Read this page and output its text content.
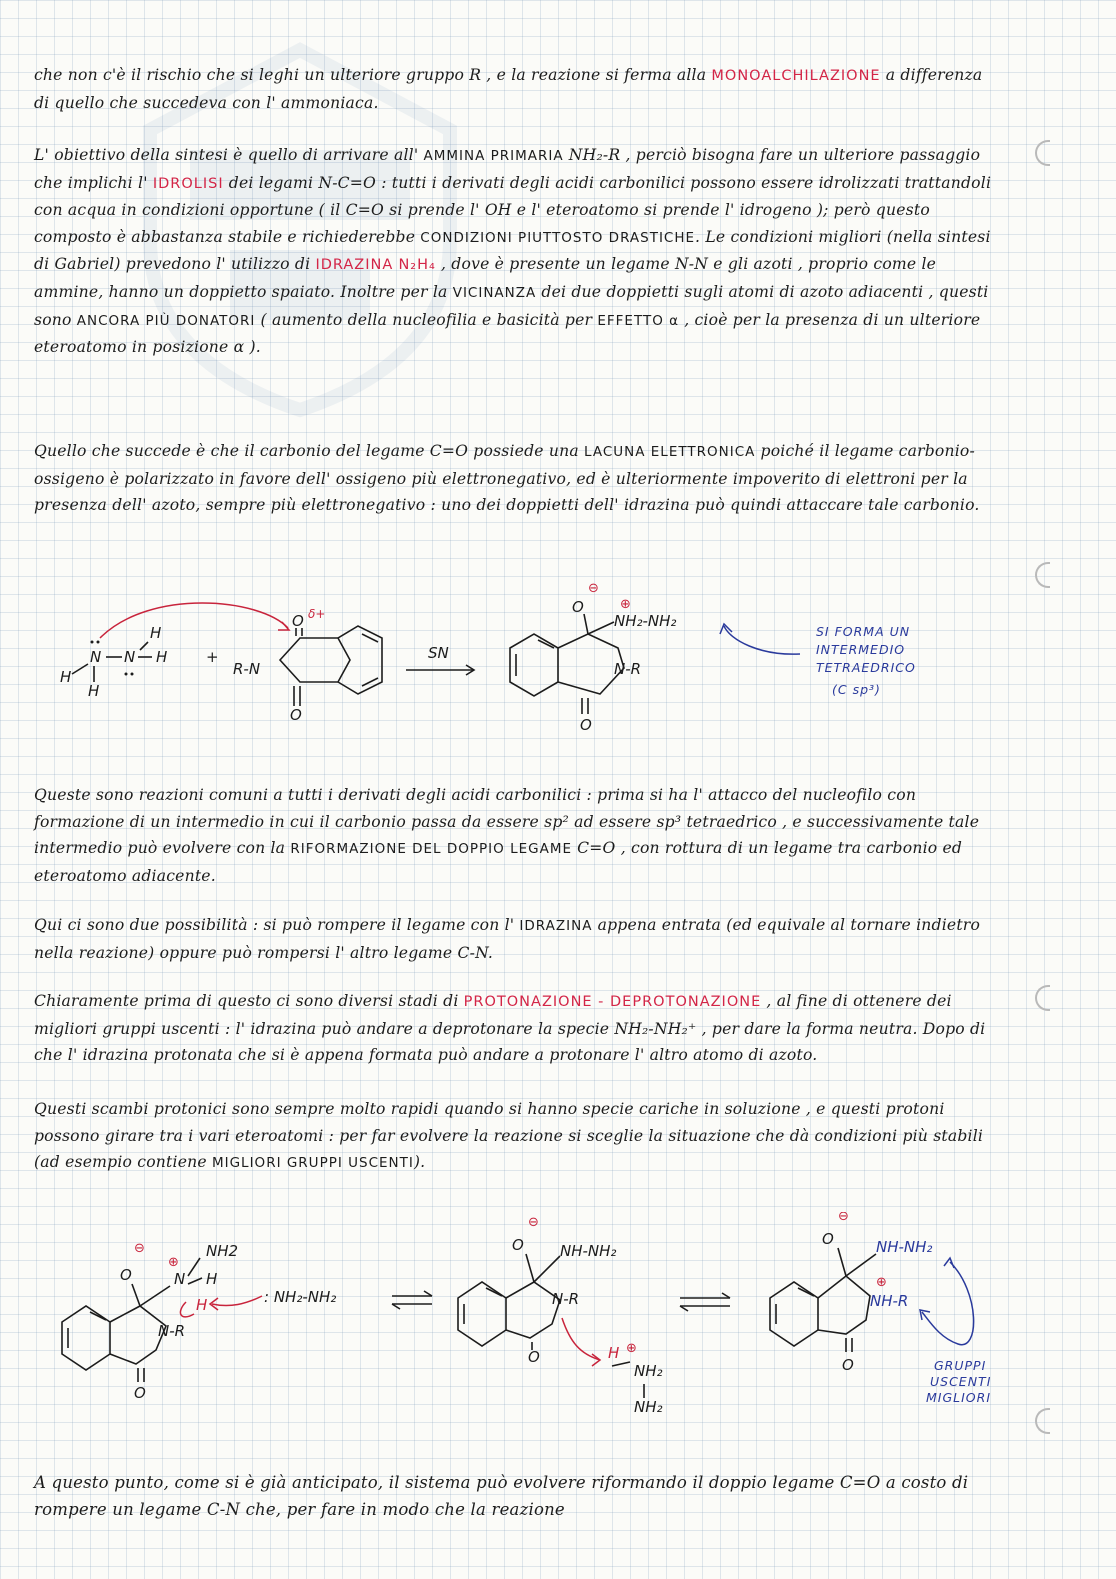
che non c'è il rischio che si leghi un ulteriore gruppo R , e la reazione si ferma alla MONOALCHILAZIONE a differenza di quello che succedeva con l' ammoniaca.

L' obiettivo della sintesi è quello di arrivare all' AMMINA PRIMARIA NH₂-R , perciò bisogna fare un ulteriore passaggio che implichi l' IDROLISI dei legami N-C=O : tutti i derivati degli acidi carbonilici possono essere idrolizzati trattandoli con acqua in condizioni opportune ( il C=O si prende l' OH e l' eteroatomo si prende l' idrogeno ); però questo composto è abbastanza stabile e richiederebbe CONDIZIONI PIUTTOSTO DRASTICHE. Le condizioni migliori (nella sintesi di Gabriel) prevedono l' utilizzo di IDRAZINA N₂H₄ , dove è presente un legame N-N e gli azoti , proprio come le ammine, hanno un doppietto spaiato. Inoltre per la VICINANZA dei due doppietti sugli atomi di azoto adiacenti , questi sono ANCORA PIÙ DONATORI ( aumento della nucleofilia e basicità per EFFETTO α , cioè per la presenza di un ulteriore eteroatomo in posizione α ).

Quello che succede è che il carbonio del legame C=O possiede una LACUNA ELETTRONICA poiché il legame carbonio-ossigeno è polarizzato in favore dell' ossigeno più elettronegativo, ed è ulteriormente impoverito di elettroni per la presenza dell' azoto, sempre più elettronegativo : uno dei doppietti dell' idrazina può quindi attaccare tale carbonio.

N N
H
H
H
H	+
R-N
O
O
δ+
SN
O
O
⊖
⊕
NH₂-NH₂
N-R
SI FORMA UN
INTERMEDIO
TETRAEDRICO
(C sp³)

Queste sono reazioni comuni a tutti i derivati degli acidi carbonilici : prima si ha l' attacco del nucleofilo con formazione di un intermedio in cui il carbonio passa da essere sp² ad essere sp³ tetraedrico , e successivamente tale intermedio può evolvere con la RIFORMAZIONE DEL DOPPIO LEGAME C=O , con rottura di un legame tra carbonio ed eteroatomo adiacente.

Qui ci sono due possibilità : si può rompere il legame con l' IDRAZINA appena entrata (ed equivale al tornare indietro nella reazione) oppure può rompersi l' altro legame C-N.

Chiaramente prima di questo ci sono diversi stadi di PROTONAZIONE - DEPROTONAZIONE , al fine di ottenere dei migliori gruppi uscenti : l' idrazina può andare a deprotonare la specie NH₂-NH₂⁺ , per dare la forma neutra. Dopo di che l' idrazina protonata che si è appena formata può andare a protonare l' altro atomo di azoto.

Questi scambi protonici sono sempre molto rapidi quando si hanno specie cariche in soluzione , e questi protoni possono girare tra i vari eteroatomi : per far evolvere la reazione si sceglie la situazione che dà condizioni più stabili (ad esempio contiene MIGLIORI GRUPPI USCENTI).

O
⊖
⊕
NH2
N H
H
N-R
O
: NH₂-NH₂
O
⊖
NH-NH₂
N-R
O	H ⊕
NH₂
NH₂
O
⊖
NH-NH₂
⊕
NH-R
O	GRUPPI
USCENTI
MIGLIORI

A questo punto, come si è già anticipato, il sistema può evolvere riformando il doppio legame C=O a costo di rompere un legame C-N che, per fare in modo che la reazione
